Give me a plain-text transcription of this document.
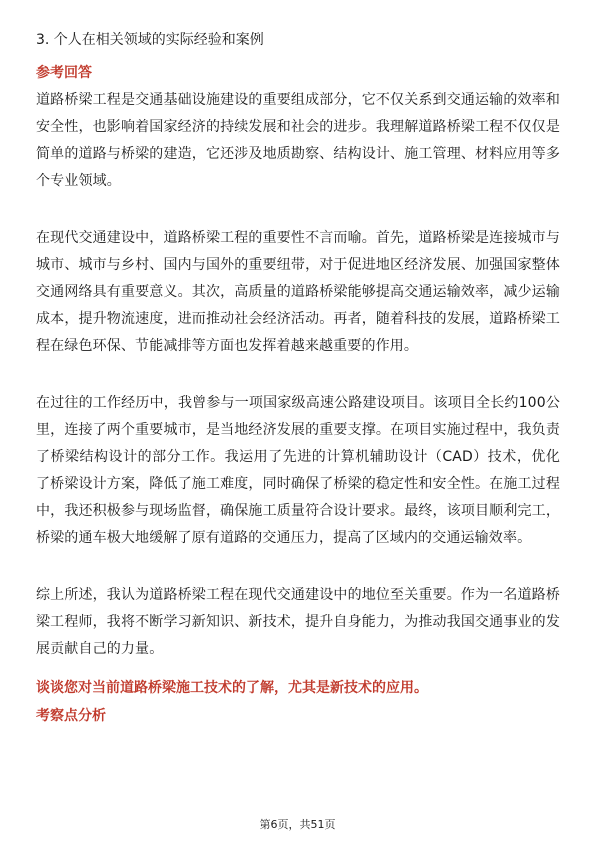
3. 个人在相关领域的实际经验和案例
参考回答

道路桥梁工程是交通基础设施建设的重要组成部分，它不仅关系到交通运输的效率和安全性，也影响着国家经济的持续发展和社会的进步。我理解道路桥梁工程不仅仅是简单的道路与桥梁的建造，它还涉及地质勘察、结构设计、施工管理、材料应用等多个专业领域。

在现代交通建设中，道路桥梁工程的重要性不言而喻。首先，道路桥梁是连接城市与城市、城市与乡村、国内与国外的重要纽带，对于促进地区经济发展、加强国家整体交通网络具有重要意义。其次，高质量的道路桥梁能够提高交通运输效率，减少运输成本，提升物流速度，进而推动社会经济活动。再者，随着科技的发展，道路桥梁工程在绿色环保、节能减排等方面也发挥着越来越重要的作用。

在过往的工作经历中，我曾参与一项国家级高速公路建设项目。该项目全长约100公里，连接了两个重要城市，是当地经济发展的重要支撑。在项目实施过程中，我负责了桥梁结构设计的部分工作。我运用了先进的计算机辅助设计（CAD）技术，优化了桥梁设计方案，降低了施工难度，同时确保了桥梁的稳定性和安全性。在施工过程中，我还积极参与现场监督，确保施工质量符合设计要求。最终，该项目顺利完工，桥梁的通车极大地缓解了原有道路的交通压力，提高了区域内的交通运输效率。

综上所述，我认为道路桥梁工程在现代交通建设中的地位至关重要。作为一名道路桥梁工程师，我将不断学习新知识、新技术，提升自身能力，为推动我国交通事业的发展贡献自己的力量。

谈谈您对当前道路桥梁施工技术的了解，尤其是新技术的应用。
考察点分析
第6页，共51页
